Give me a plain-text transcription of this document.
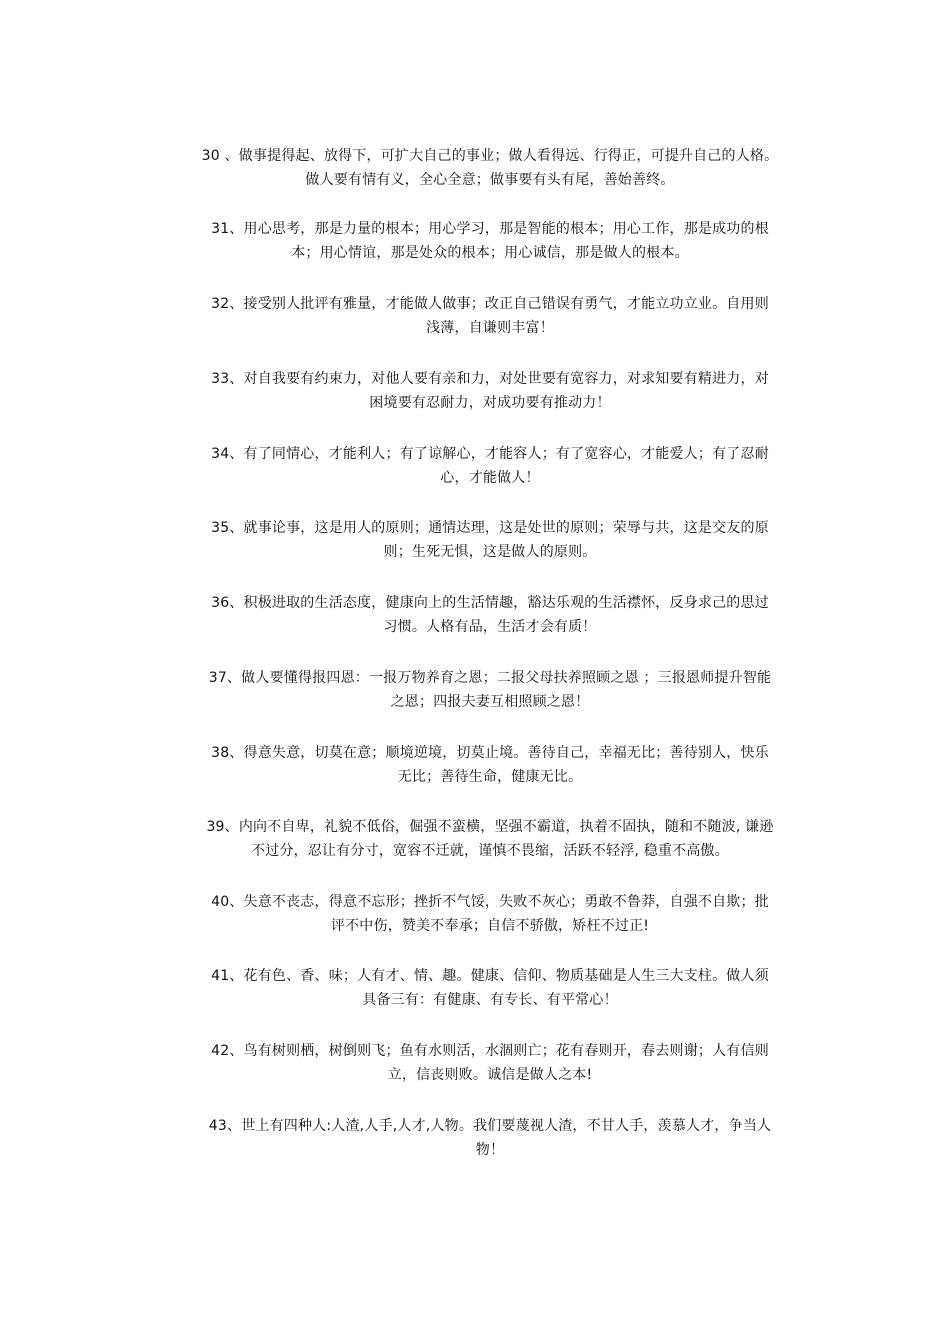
30 、做事提得起、放得下，可扩大自己的事业；做人看得远、行得正，可提升自己的人格。
做人要有情有义，全心全意；做事要有头有尾，善始善终。
31、用心思考，那是力量的根本；用心学习，那是智能的根本；用心工作，那是成功的根
本；用心情谊，那是处众的根本；用心诚信，那是做人的根本。
32、接受别人批评有雅量，才能做人做事；改正自己错误有勇气，才能立功立业。自用则
浅薄，自谦则丰富！
33、对自我要有约束力，对他人要有亲和力，对处世要有宽容力，对求知要有精进力，对
困境要有忍耐力，对成功要有推动力！
34、有了同情心，才能利人；有了谅解心，才能容人；有了宽容心，才能爱人；有了忍耐
心，才能做人！
35、就事论事，这是用人的原则；通情达理，这是处世的原则；荣辱与共，这是交友的原
则；生死无惧，这是做人的原则。
36、积极进取的生活态度，健康向上的生活情趣，豁达乐观的生活襟怀，反身求己的思过
习惯。人格有品，生活才会有质！
37、做人要懂得报四恩：一报万物养育之恩；二报父母扶养照顾之恩 ；三报恩师提升智能
之恩；四报夫妻互相照顾之恩！
38、得意失意，切莫在意；顺境逆境，切莫止境。善待自己，幸福无比；善待别人，快乐
无比；善待生命，健康无比。
39、内向不自卑，礼貌不低俗，倔强不蛮横，坚强不霸道，执着不固执，随和不随波, 谦逊
不过分，忍让有分寸，宽容不迁就，谨慎不畏缩，活跃不轻浮, 稳重不高傲。
40、失意不丧志，得意不忘形；挫折不气馁，失败不灰心；勇敢不鲁莽，自强不自欺；批
评不中伤，赞美不奉承；自信不骄傲，矫枉不过正!
41、花有色、香、味；人有才、情、趣。健康、信仰、物质基础是人生三大支柱。做人须
具备三有：有健康、有专长、有平常心！
42、鸟有树则栖，树倒则飞；鱼有水则活，水涸则亡；花有春则开，春去则谢；人有信则
立，信丧则败。诚信是做人之本!
43、世上有四种人:人渣,人手,人才,人物。我们要蔑视人渣，不甘人手，羡慕人才，争当人
物！
